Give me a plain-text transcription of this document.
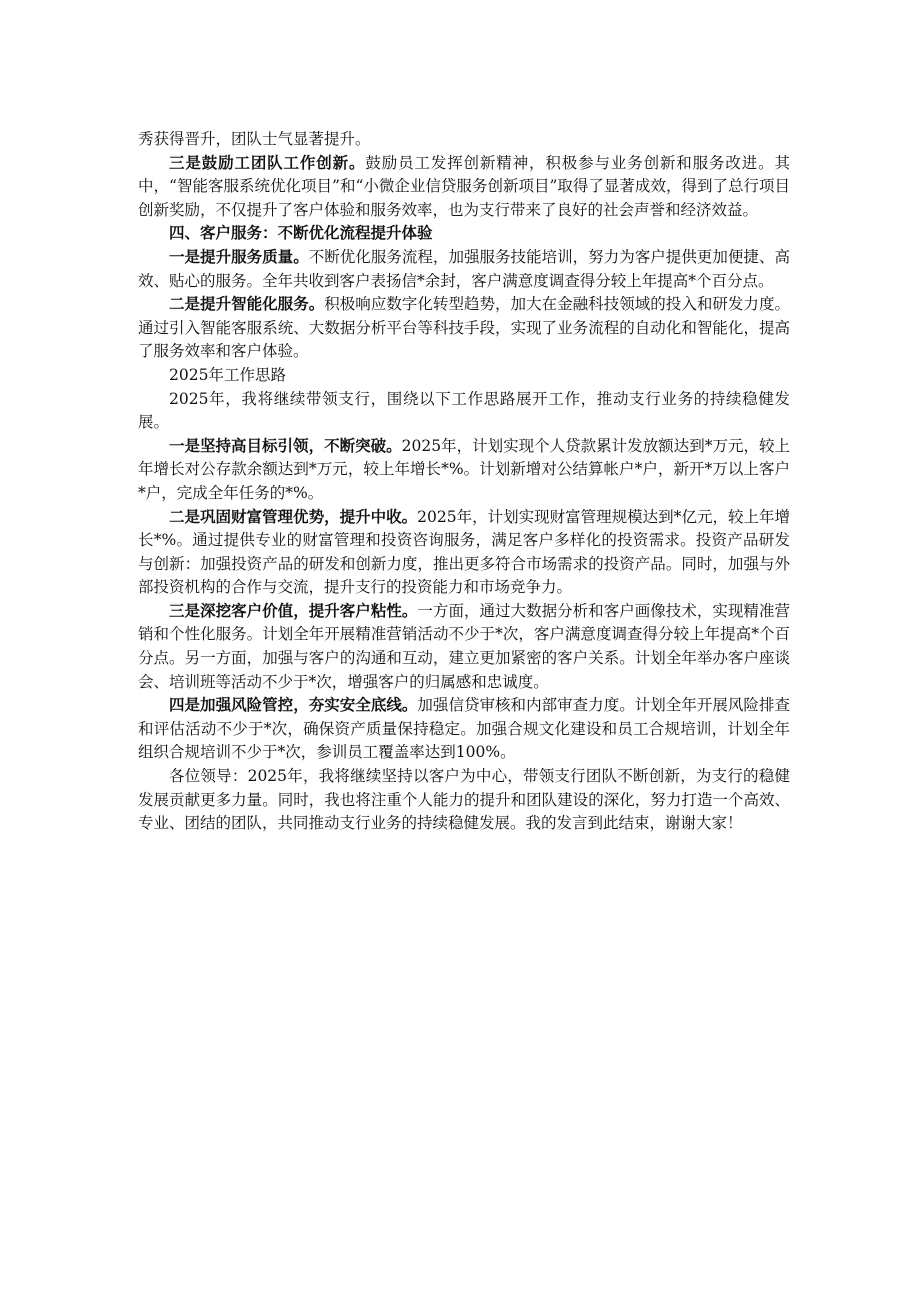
秀获得晋升，团队士气显著提升。

三是鼓励工团队工作创新。鼓励员工发挥创新精神，积极参与业务创新和服务改进。其中，“智能客服系统优化项目”和“小微企业信贷服务创新项目”取得了显著成效，得到了总行项目创新奖励，不仅提升了客户体验和服务效率，也为支行带来了良好的社会声誉和经济效益。

四、客户服务：不断优化流程提升体验

一是提升服务质量。不断优化服务流程，加强服务技能培训，努力为客户提供更加便捷、高效、贴心的服务。全年共收到客户表扬信*余封，客户满意度调查得分较上年提高*个百分点。

二是提升智能化服务。积极响应数字化转型趋势，加大在金融科技领域的投入和研发力度。通过引入智能客服系统、大数据分析平台等科技手段，实现了业务流程的自动化和智能化，提高了服务效率和客户体验。

2025年工作思路

2025年，我将继续带领支行，围绕以下工作思路展开工作，推动支行业务的持续稳健发展。

一是坚持高目标引领，不断突破。2025年，计划实现个人贷款累计发放额达到*万元，较上年增长对公存款余额达到*万元，较上年增长*%。计划新增对公结算帐户*户，新开*万以上客户*户，完成全年任务的*%。

二是巩固财富管理优势，提升中收。2025年，计划实现财富管理规模达到*亿元，较上年增长*%。通过提供专业的财富管理和投资咨询服务，满足客户多样化的投资需求。投资产品研发与创新：加强投资产品的研发和创新力度，推出更多符合市场需求的投资产品。同时，加强与外部投资机构的合作与交流，提升支行的投资能力和市场竞争力。

三是深挖客户价值，提升客户粘性。一方面，通过大数据分析和客户画像技术，实现精准营销和个性化服务。计划全年开展精准营销活动不少于*次，客户满意度调查得分较上年提高*个百分点。另一方面，加强与客户的沟通和互动，建立更加紧密的客户关系。计划全年举办客户座谈会、培训班等活动不少于*次，增强客户的归属感和忠诚度。

四是加强风险管控，夯实安全底线。加强信贷审核和内部审查力度。计划全年开展风险排查和评估活动不少于*次，确保资产质量保持稳定。加强合规文化建设和员工合规培训，计划全年组织合规培训不少于*次，参训员工覆盖率达到100%。

各位领导：2025年，我将继续坚持以客户为中心，带领支行团队不断创新，为支行的稳健发展贡献更多力量。同时，我也将注重个人能力的提升和团队建设的深化，努力打造一个高效、专业、团结的团队，共同推动支行业务的持续稳健发展。我的发言到此结束，谢谢大家！
